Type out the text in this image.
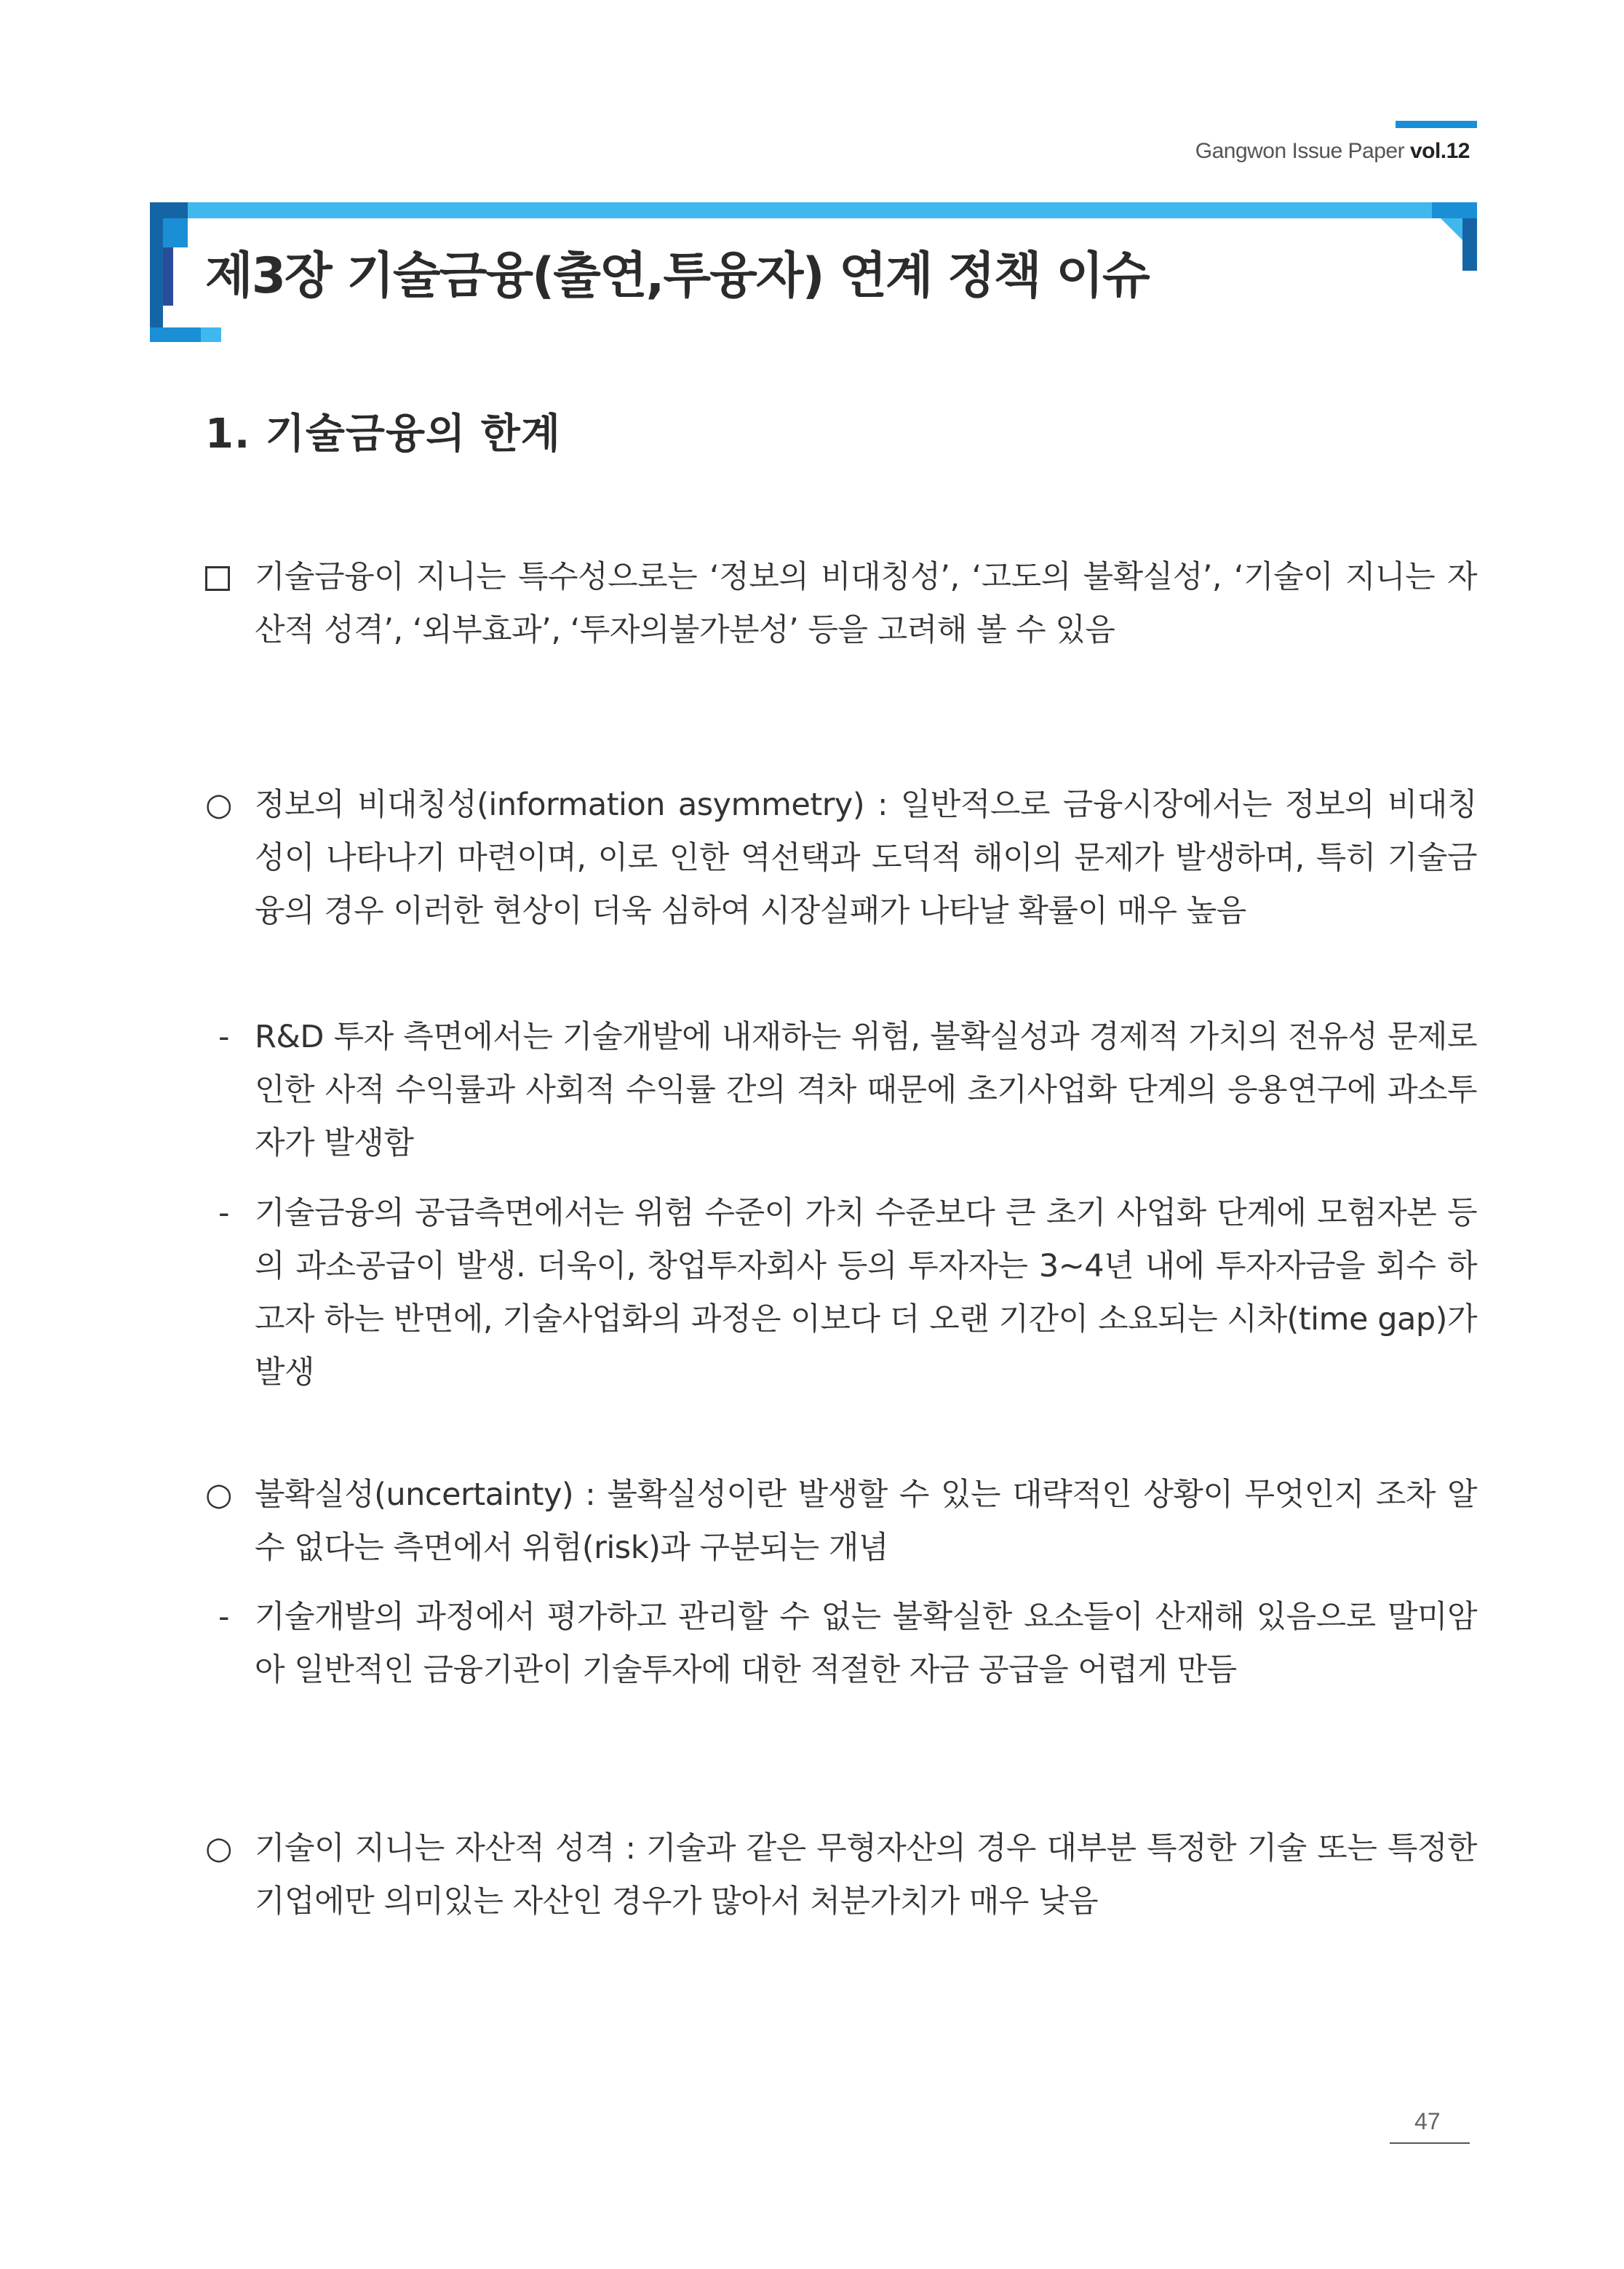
Gangwon Issue Paper vol.12
제3장 기술금융(출연,투융자) 연계 정책 이슈
1. 기술금융의 한계
기술금융이 지니는 특수성으로는 ‘정보의 비대칭성’, ‘고도의 불확실성’, ‘기술이 지니는 자산적 성격’, ‘외부효과’, ‘투자의불가분성’ 등을 고려해 볼 수 있음
○ 정보의 비대칭성(information asymmetry) : 일반적으로 금융시장에서는 정보의 비대칭성이 나타나기 마련이며, 이로 인한 역선택과 도덕적 해이의 문제가 발생하며, 특히 기술금융의 경우 이러한 현상이 더욱 심하여 시장실패가 나타날 확률이 매우 높음
- R&D 투자 측면에서는 기술개발에 내재하는 위험, 불확실성과 경제적 가치의 전유성 문제로 인한 사적 수익률과 사회적 수익률 간의 격차 때문에 초기사업화 단계의 응용연구에 과소투자가 발생함
- 기술금융의 공급측면에서는 위험 수준이 가치 수준보다 큰 초기 사업화 단계에 모험자본 등의 과소공급이 발생. 더욱이, 창업투자회사 등의 투자자는 3~4년 내에 투자자금을 회수 하고자 하는 반면에, 기술사업화의 과정은 이보다 더 오랜 기간이 소요되는 시차(time gap)가 발생
○ 불확실성(uncertainty) : 불확실성이란 발생할 수 있는 대략적인 상황이 무엇인지 조차 알 수 없다는 측면에서 위험(risk)과 구분되는 개념
- 기술개발의 과정에서 평가하고 관리할 수 없는 불확실한 요소들이 산재해 있음으로 말미암아 일반적인 금융기관이 기술투자에 대한 적절한 자금 공급을 어렵게 만듬
○ 기술이 지니는 자산적 성격 : 기술과 같은 무형자산의 경우 대부분 특정한 기술 또는 특정한 기업에만 의미있는 자산인 경우가 많아서 처분가치가 매우 낮음
47
